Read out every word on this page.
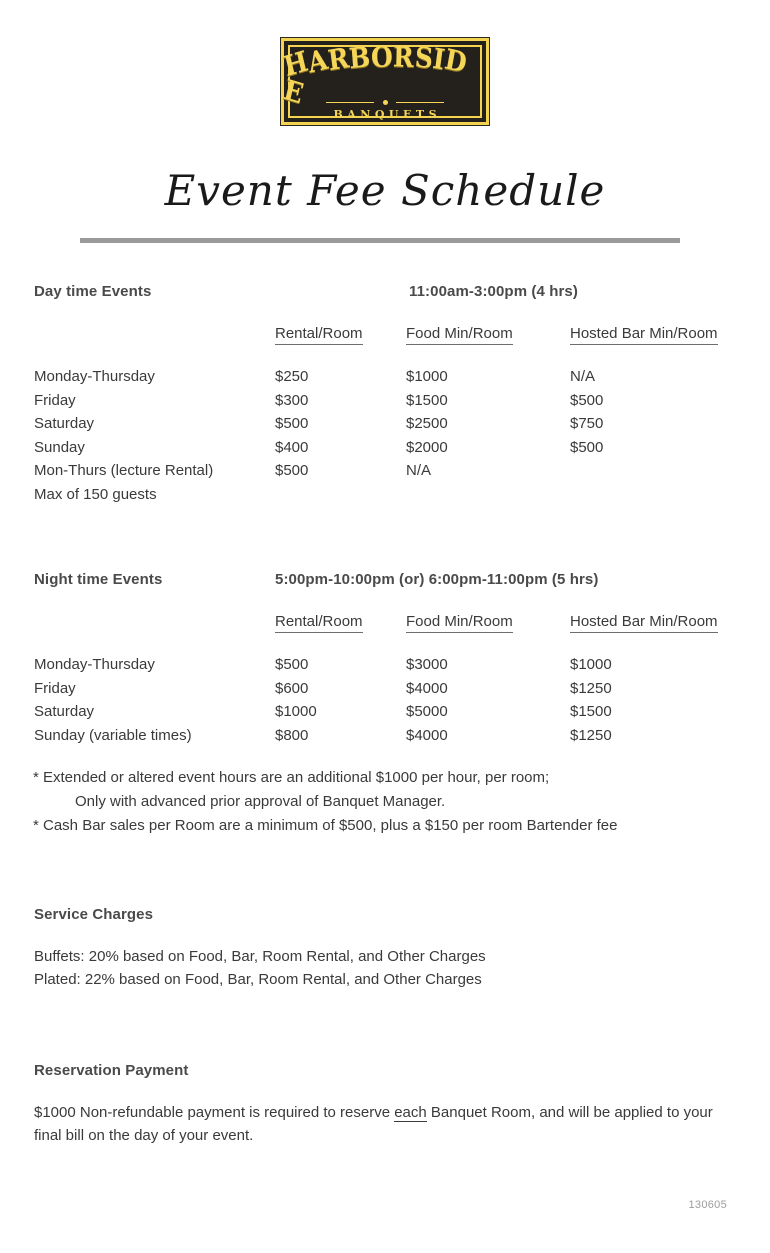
HARBORSIDE
BANQUETS
Event Fee Schedule
Day time Events	11:00am-3:00pm (4 hrs)
Rental/Room	Food Min/Room	Hosted Bar Min/Room
Monday-Thursday	$250	$1000	N/A
Friday	$300	$1500	$500
Saturday	$500	$2500	$750
Sunday	$400	$2000	$500
Mon-Thurs (lecture Rental)	$500	N/A
Max of 150 guests
Night time Events	5:00pm-10:00pm (or) 6:00pm-11:00pm (5 hrs)
Rental/Room	Food Min/Room	Hosted Bar Min/Room
Monday-Thursday	$500	$3000	$1000
Friday	$600	$4000	$1250
Saturday	$1000	$5000	$1500
Sunday (variable times)	$800	$4000	$1250

* Extended or altered event hours are an additional $1000 per hour, per room;

Only with advanced prior approval of Banquet Manager.

* Cash Bar sales per Room are a minimum of $500, plus a $150 per room Bartender fee

Service Charges

Buffets: 20% based on Food, Bar, Room Rental, and Other Charges

Plated: 22% based on Food, Bar, Room Rental, and Other Charges

Reservation Payment

$1000 Non-refundable payment is required to reserve each Banquet Room, and will be applied to your final bill on the day of your event.

130605
